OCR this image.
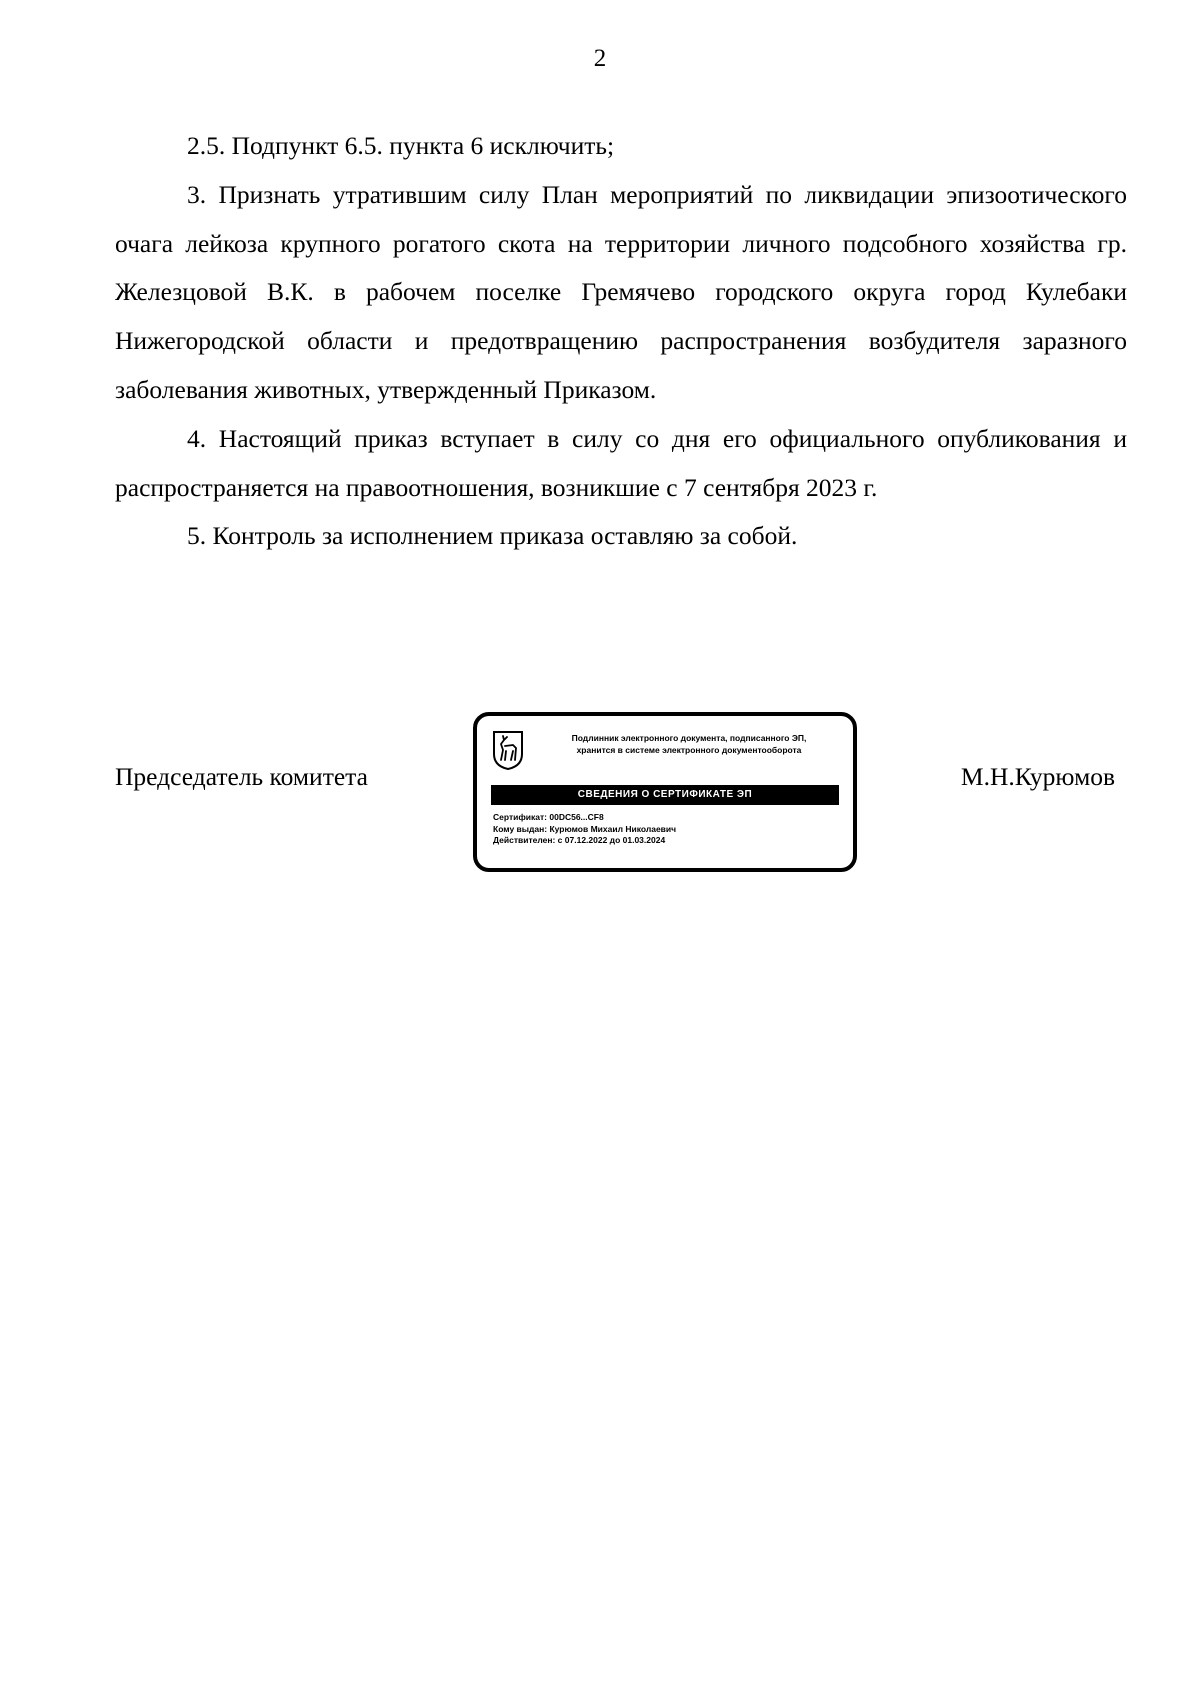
2

2.5. Подпункт 6.5. пункта 6 исключить;

3. Признать утратившим силу План мероприятий по ликвидации эпизоотического очага лейкоза крупного рогатого скота на территории личного подсобного хозяйства гр. Железцовой В.К. в рабочем поселке Гремячево городского округа город Кулебаки Нижегородской области и предотвращению распространения возбудителя заразного заболевания животных, утвержденный Приказом.

4. Настоящий приказ вступает в силу со дня его официального опубликования и распространяется на правоотношения, возникшие с 7 сентября 2023 г.

5. Контроль за исполнением приказа оставляю за собой.

Председатель комитета	М.Н.Курюмов
Подлинник электронного документа, подписанного ЭП,
хранится в системе электронного документооборота
СВЕДЕНИЯ О СЕРТИФИКАТЕ ЭП
Сертификат: 00DC56...CF8
Кому выдан: Курюмов Михаил Николаевич
Действителен: с 07.12.2022 до 01.03.2024
